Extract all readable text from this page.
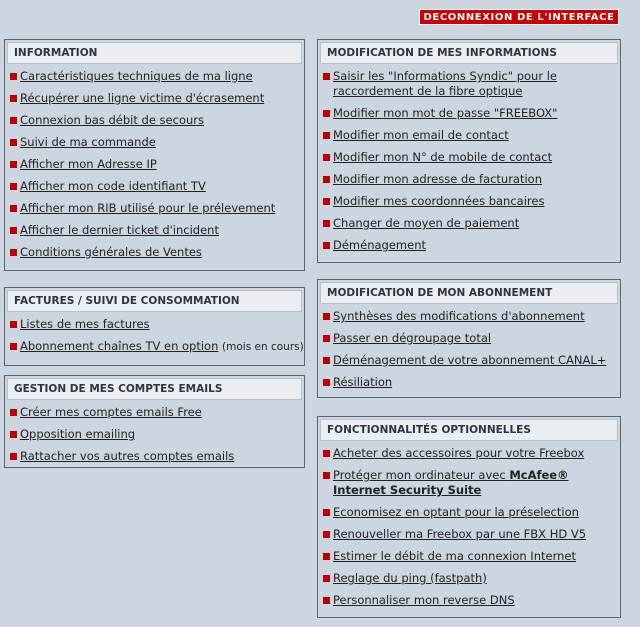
DECONNEXION DE L'INTERFACE
INFORMATION
Caractéristiques techniques de ma ligne
Récupérer une ligne victime d'écrasement
Connexion bas débit de secours
Suivi de ma commande
Afficher mon Adresse IP
Afficher mon code identifiant TV
Afficher mon RIB utilisé pour le prélevement
Afficher le dernier ticket d'incident
Conditions générales de Ventes
FACTURES / SUIVI DE CONSOMMATION
Listes de mes factures
Abonnement chaînes TV en option (mois en cours)
GESTION DE MES COMPTES EMAILS
Créer mes comptes emails Free
Opposition emailing
Rattacher vos autres comptes emails
MODIFICATION DE MES INFORMATIONS
Saisir les "Informations Syndic" pour le raccordement de la fibre optique
Modifier mon mot de passe "FREEBOX"
Modifier mon email de contact
Modifier mon N° de mobile de contact
Modifier mon adresse de facturation
Modifier mes coordonnées bancaires
Changer de moyen de paiement
Déménagement
MODIFICATION DE MON ABONNEMENT
Synthèses des modifications d'abonnement
Passer en dégroupage total
Déménagement de votre abonnement CANAL+
Résiliation
FONCTIONNALITÉS OPTIONNELLES
Acheter des accessoires pour votre Freebox
Protéger mon ordinateur avec McAfee® Internet Security Suite
Economisez en optant pour la préselection
Renouveller ma Freebox par une FBX HD V5
Estimer le débit de ma connexion Internet
Reglage du ping (fastpath)
Personnaliser mon reverse DNS
